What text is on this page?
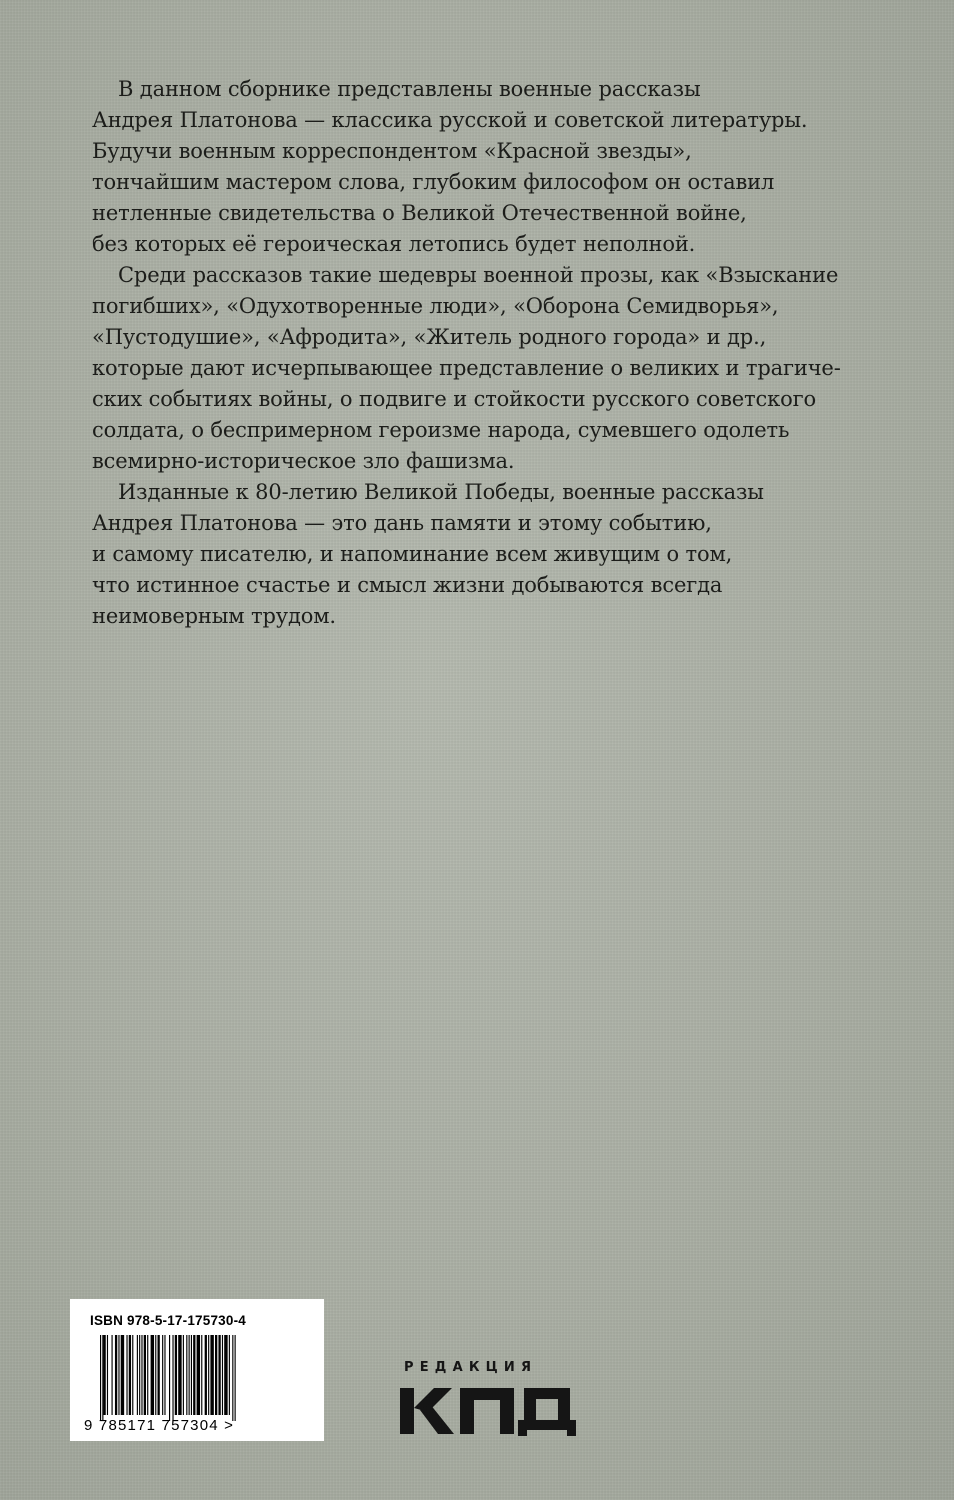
В данном сборнике представлены военные рассказы
Андрея Платонова — классика русской и советской литературы.
Будучи военным корреспондентом «Красной звезды»,
тончайшим мастером слова, глубоким философом он оставил
нетленные свидетельства о Великой Отечественной войне,
без которых её героическая летопись будет неполной.

Среди рассказов такие шедевры военной прозы, как «Взыскание
погибших», «Одухотворенные люди», «Оборона Семидворья»,
«Пустодушие», «Афродита», «Житель родного города» и др.,
которые дают исчерпывающее представление о великих и трагиче-
ских событиях войны, о подвиге и стойкости русского советского
солдата, о беспримерном героизме народа, сумевшего одолеть
всемирно-историческое зло фашизма.

Изданные к 80-летию Великой Победы, военные рассказы
Андрея Платонова — это дань памяти и этому событию,
и самому писателю, и напоминание всем живущим о том,
что истинное счастье и смысл жизни добываются всегда
неимоверным трудом.

ISBN 978-5-17-175730-4
9 785171 757304 >
РЕДАКЦИЯ
